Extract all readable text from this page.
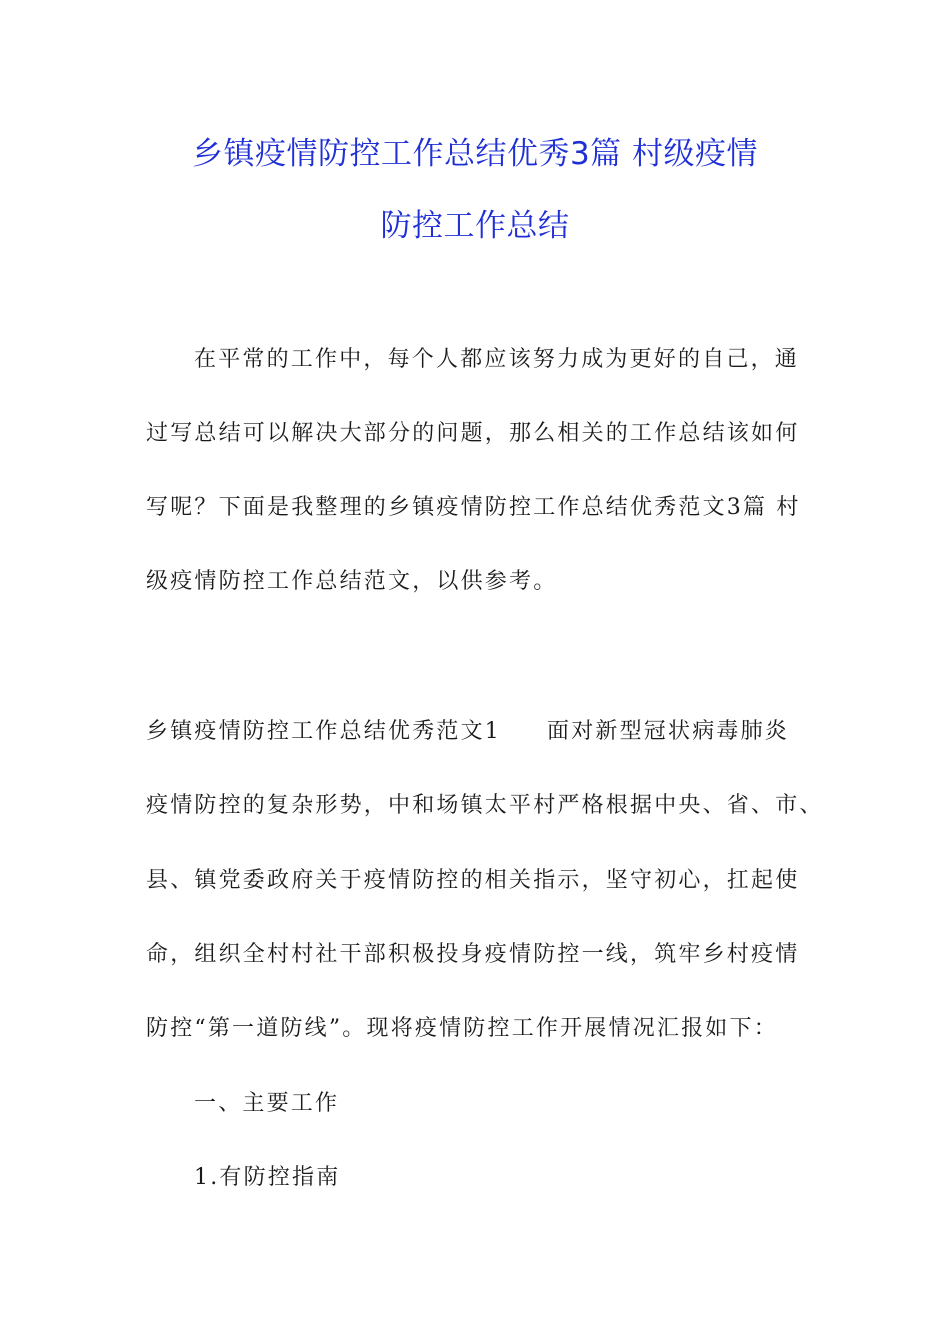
乡镇疫情防控工作总结优秀3篇 村级疫情
防控工作总结

在平常的工作中，每个人都应该努力成为更好的自己，通

过写总结可以解决大部分的问题，那么相关的工作总结该如何

写呢？下面是我整理的乡镇疫情防控工作总结优秀范文3篇 村

级疫情防控工作总结范文，以供参考。

乡镇疫情防控工作总结优秀范文1 面对新型冠状病毒肺炎

疫情防控的复杂形势，中和场镇太平村严格根据中央、省、市、

县、镇党委政府关于疫情防控的相关指示，坚守初心，扛起使

命，组织全村村社干部积极投身疫情防控一线，筑牢乡村疫情

防控“第一道防线”。现将疫情防控工作开展情况汇报如下：

一、主要工作

1.有防控指南
